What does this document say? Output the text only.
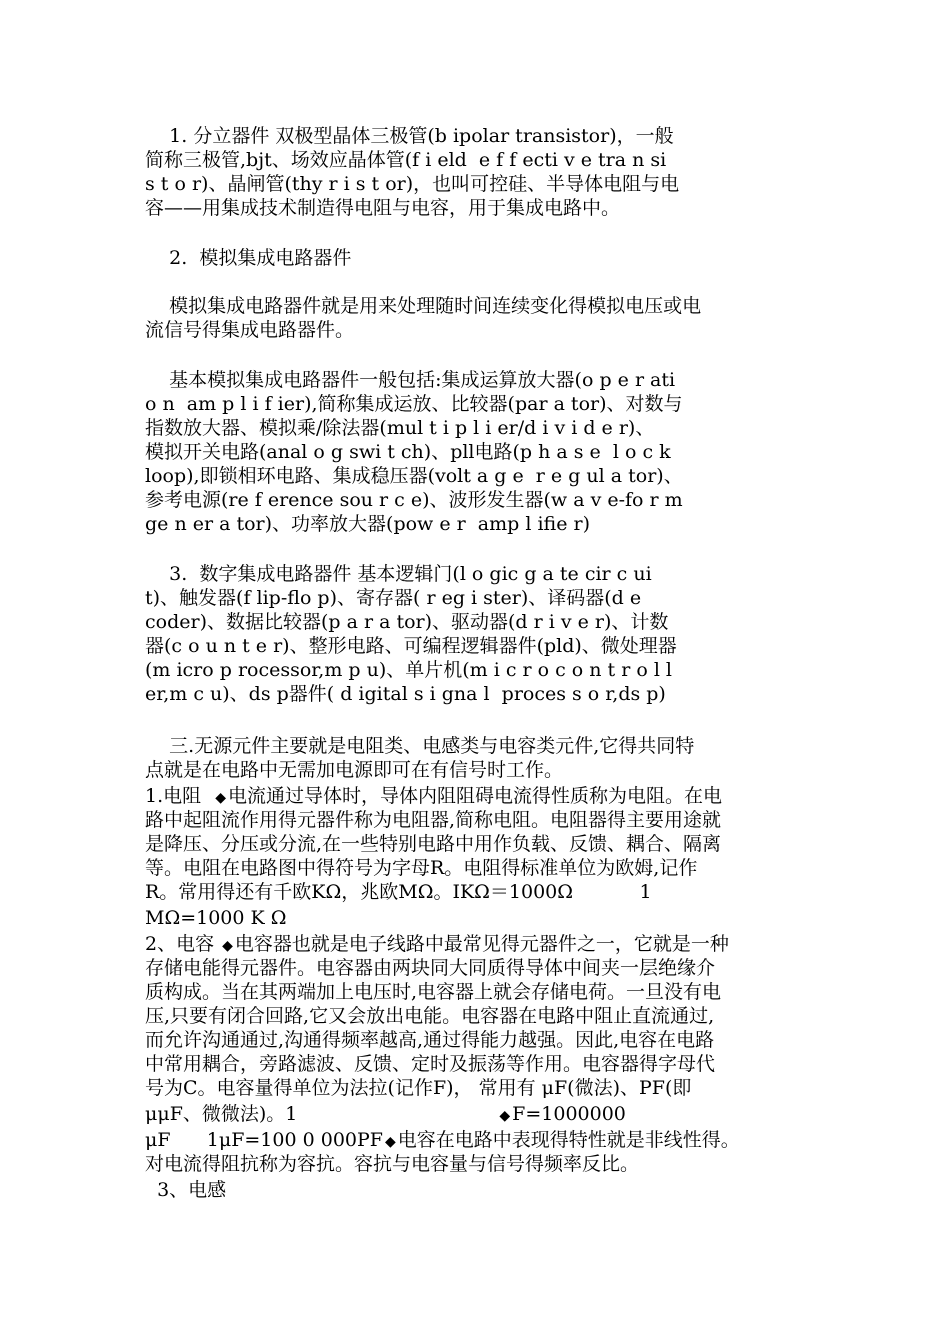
1. 分立器件 双极型晶体三极管(b ipolar transistor)，一般
简称三极管,bjt、场效应晶体管(f i eld  e f f ecti v e tra n si
s t o r)、晶闸管(thy r i s t or)，也叫可控硅、半导体电阻与电
容——用集成技术制造得电阻与电容，用于集成电路中。
2.  模拟集成电路器件
模拟集成电路器件就是用来处理随时间连续变化得模拟电压或电
流信号得集成电路器件。
基本模拟集成电路器件一般包括:集成运算放大器(o p e r ati
o n  am p l i f ier),简称集成运放、比较器(par a tor)、对数与
指数放大器、模拟乘/除法器(mul t i p l i er/d i v i d e r)、
模拟开关电路(anal o g swi t ch)、pll电路(p h a s e  l o c k
loop),即锁相环电路、集成稳压器(volt a g e  r e g ul a tor)、
参考电源(re f erence sou r c e)、波形发生器(w a v e-fo r m
ge n er a tor)、功率放大器(pow e r  amp l ifie r)
3.  数字集成电路器件 基本逻辑门(l o gic g a te cir c ui
t)、触发器(f lip-flo p)、寄存器( r eg i ster)、译码器(d e
coder)、数据比较器(p a r a tor)、驱动器(d r i v e r)、计数
器(c o u n t e r)、整形电路、可编程逻辑器件(pld)、微处理器
(m icro p rocessor,m p u)、单片机(m i c r o c o n t r o l l
er,m c u)、ds p器件( d igital s i gna l  proces s o r,ds p)
三.无源元件主要就是电阻类、电感类与电容类元件,它得共同特
点就是在电路中无需加电源即可在有信号时工作。
1.电阻  ◆ 电流通过导体时，导体内阻阻碍电流得性质称为电阻。在电
路中起阻流作用得元器件称为电阻器,简称电阻。电阻器得主要用途就
是降压、分压或分流,在一些特别电路中用作负载、反馈、耦合、隔离
等。电阻在电路图中得符号为字母R。电阻得标准单位为欧姆,记作
R。常用得还有千欧KΩ，兆欧MΩ。IKΩ＝1000Ω           1
MΩ=1000 K Ω
2、电容 ◆ 电容器也就是电子线路中最常见得元器件之一，它就是一种
存储电能得元器件。电容器由两块同大同质得导体中间夹一层绝缘介
质构成。当在其两端加上电压时,电容器上就会存储电荷。一旦没有电
压,只要有闭合回路,它又会放出电能。电容器在电路中阻止直流通过,
而允许沟通通过,沟通得频率越高,通过得能力越强。因此,电容在电路
中常用耦合，旁路滤波、反馈、定时及振荡等作用。电容器得字母代
号为C。电容量得单位为法拉(记作F)， 常用有 μF(微法)、PF(即
μμF、微微法)。1	◆ F=1000000
μF      1μF=100 0 000PF ◆ 电容在电路中表现得特性就是非线性得。
对电流得阻抗称为容抗。容抗与电容量与信号得频率反比。
3、电感
